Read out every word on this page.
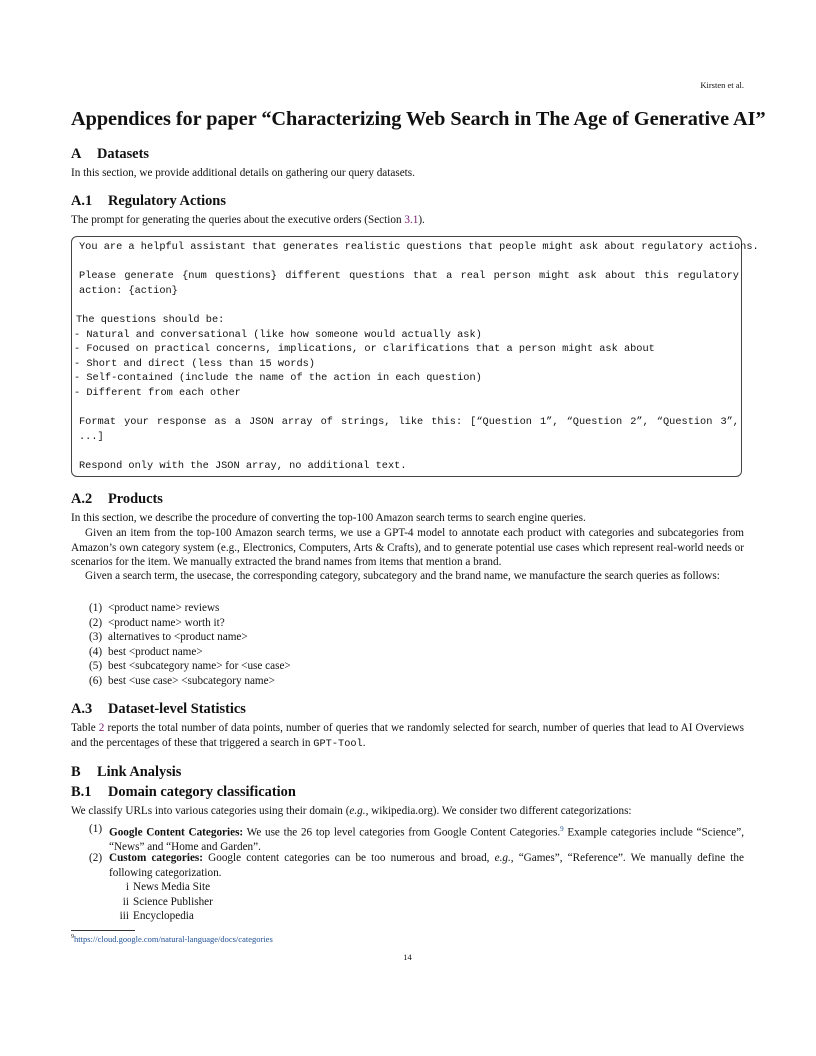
Kirsten et al.
Appendices for paper “Characterizing Web Search in The Age of Generative AI”
A Datasets

In this section, we provide additional details on gathering our query datasets.

A.1 Regulatory Actions

The prompt for generating the queries about the executive orders (Section 3.1).

You are a helpful assistant that generates realistic questions that people might ask about regulatory actions.

Please generate {num questions} different questions that a real person might ask about this regulatory

action: {action}
The questions should be:
- Natural and conversational (like how someone would actually ask)
- Focused on practical concerns, implications, or clarifications that a person might ask about
- Short and direct (less than 15 words)
- Self-contained (include the name of the action in each question)
- Different from each other

Format your response as a JSON array of strings, like this: [“Question 1”, “Question 2”, “Question 3”,

...]
Respond only with the JSON array, no additional text.
A.2 Products

In this section, we describe the procedure of converting the top-100 Amazon search terms to search engine queries.

Given an item from the top-100 Amazon search terms, we use a GPT-4 model to annotate each product with categories and subcategories from Amazon’s own category system (e.g., Electronics, Computers, Arts & Crafts), and to generate potential use cases which represent real-world needs or scenarios for the item. We manually extracted the brand names from items that mention a brand.

Given a search term, the usecase, the corresponding category, subcategory and the brand name, we manufacture the search queries as follows:

(1) <product name> reviews
(2) <product name> worth it?
(3) alternatives to <product name>
(4) best <product name>
(5) best <subcategory name> for <use case>
(6) best <use case> <subcategory name>
A.3 Dataset-level Statistics

Table 2 reports the total number of data points, number of queries that we randomly selected for search, number of queries that lead to AI Overviews and the percentages of these that triggered a search in GPT-Tool.

B Link Analysis
B.1 Domain category classification

We classify URLs into various categories using their domain (e.g., wikipedia.org). We consider two different categorizations:

(1) Google Content Categories: We use the 26 top level categories from Google Content Categories.$^9$ Example categories include “Science”, “News” and “Home and Garden”.

(2) Custom categories: Google content categories can be too numerous and broad, e.g., “Games”, “Reference”. We manually define the following categorization.

i News Media Site
ii Science Publisher
iii Encyclopedia
$^9$https://cloud.google.com/natural-language/docs/categories
14
